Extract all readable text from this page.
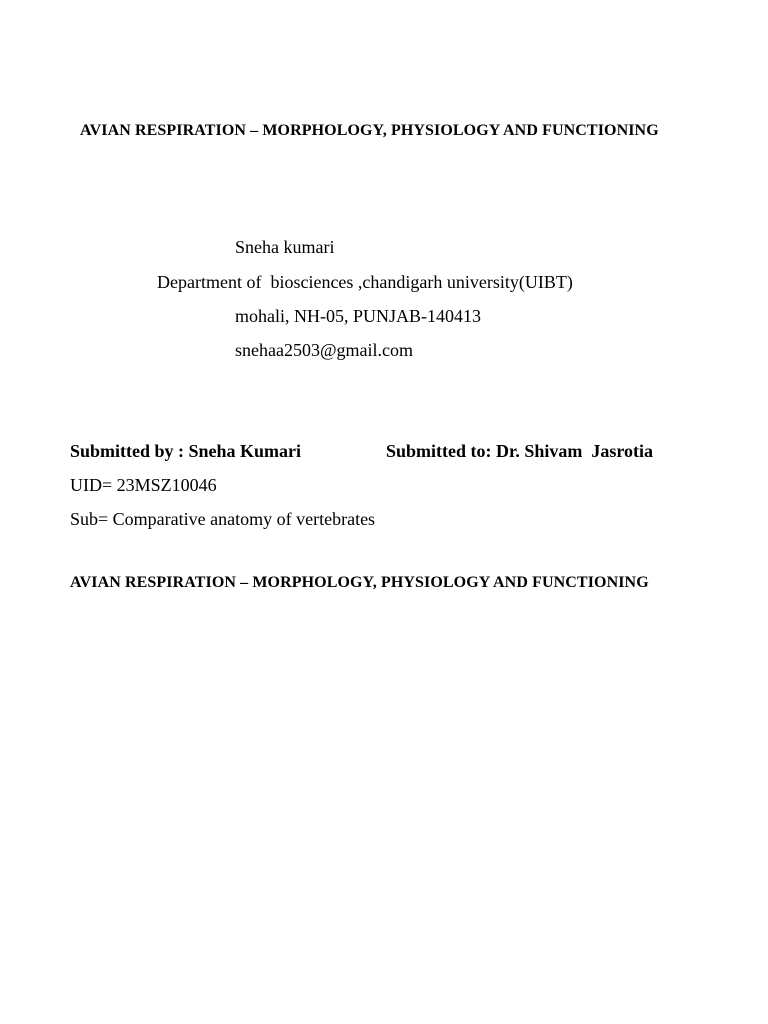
AVIAN RESPIRATION – MORPHOLOGY, PHYSIOLOGY AND FUNCTIONING
Sneha kumari
Department of  biosciences ,chandigarh university(UIBT)
mohali, NH-05, PUNJAB-140413
snehaa2503@gmail.com
Submitted by : Sneha Kumari	Submitted to: Dr. Shivam  Jasrotia
UID= 23MSZ10046
Sub= Comparative anatomy of vertebrates
AVIAN RESPIRATION – MORPHOLOGY, PHYSIOLOGY AND FUNCTIONING
